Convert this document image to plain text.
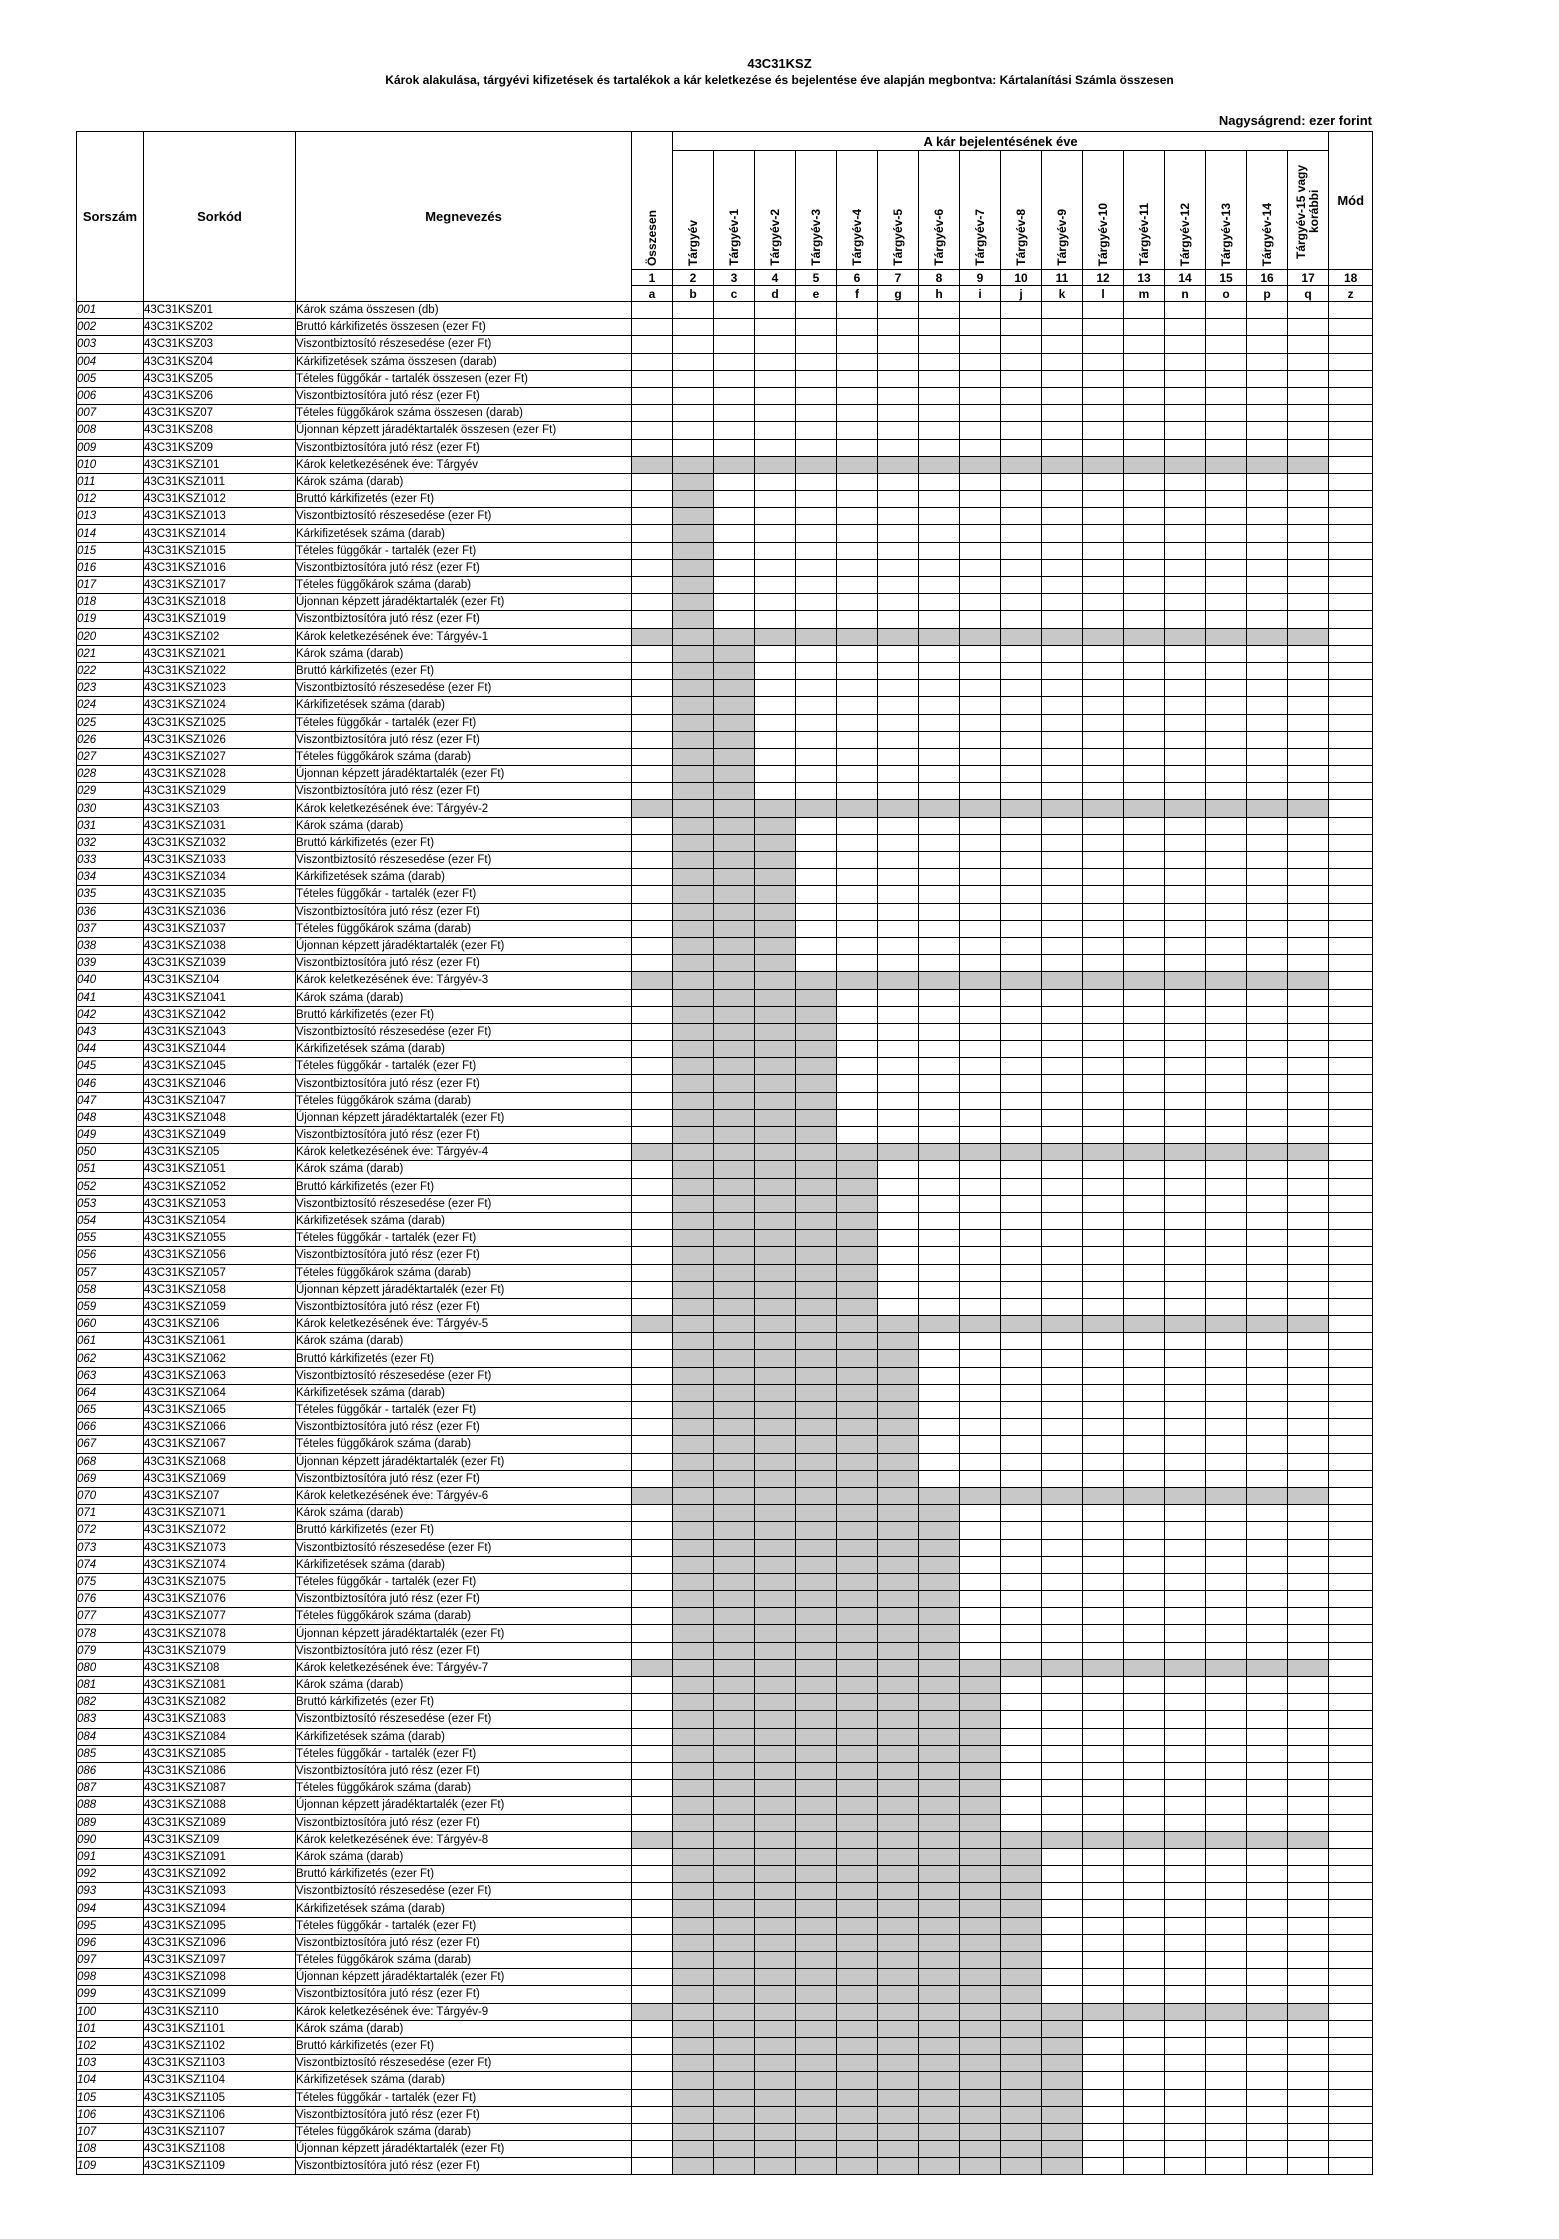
43C31KSZ
Károk alakulása, tárgyévi kifizetések és tartalékok a kár keletkezése és bejelentése éve alapján megbontva: Kártalanítási Számla összesen
Nagyságrend: ezer forint
Sorszám	Sorkód	Megnevezés	Összesen	A kár bejelentésének éve																Mód
				Tárgyév	Tárgyév-1	Tárgyév-2	Tárgyév-3	Tárgyév-4	Tárgyév-5	Tárgyév-6	Tárgyév-7	Tárgyév-8	Tárgyév-9	Tárgyév-10	Tárgyév-11	Tárgyév-12	Tárgyév-13	Tárgyév-14	Tárgyév-15 vagy korábbi	
			1	2	3	4	5	6	7	8	9	10	11	12	13	14	15	16	17	18
			a	b	c	d	e	f	g	h	i	j	k	l	m	n	o	p	q	z
001	43C31KSZ01	Károk száma összesen (db)																		
002	43C31KSZ02	Bruttó kárkifizetés összesen (ezer Ft)																		
003	43C31KSZ03	Viszontbiztosító részesedése (ezer Ft)																		
004	43C31KSZ04	Kárkifizetések száma összesen (darab)																		
005	43C31KSZ05	Tételes függőkár - tartalék összesen (ezer Ft)																		
006	43C31KSZ06	Viszontbiztosítóra jutó rész (ezer Ft)																		
007	43C31KSZ07	Tételes függőkárok száma összesen (darab)																		
008	43C31KSZ08	Újonnan képzett járadéktartalék összesen (ezer Ft)																		
009	43C31KSZ09	Viszontbiztosítóra jutó rész (ezer Ft)																		
010	43C31KSZ101	Károk keletkezésének éve: Tárgyév																		
011	43C31KSZ1011	Károk száma (darab)																		
012	43C31KSZ1012	Bruttó kárkifizetés (ezer Ft)																		
013	43C31KSZ1013	Viszontbiztosító részesedése (ezer Ft)																		
014	43C31KSZ1014	Kárkifizetések száma (darab)																		
015	43C31KSZ1015	Tételes függőkár - tartalék (ezer Ft)																		
016	43C31KSZ1016	Viszontbiztosítóra jutó rész (ezer Ft)																		
017	43C31KSZ1017	Tételes függőkárok száma (darab)																		
018	43C31KSZ1018	Újonnan képzett járadéktartalék (ezer Ft)																		
019	43C31KSZ1019	Viszontbiztosítóra jutó rész (ezer Ft)																		
020	43C31KSZ102	Károk keletkezésének éve: Tárgyév-1																		
021	43C31KSZ1021	Károk száma (darab)																		
022	43C31KSZ1022	Bruttó kárkifizetés (ezer Ft)																		
023	43C31KSZ1023	Viszontbiztosító részesedése (ezer Ft)																		
024	43C31KSZ1024	Kárkifizetések száma (darab)																		
025	43C31KSZ1025	Tételes függőkár - tartalék (ezer Ft)																		
026	43C31KSZ1026	Viszontbiztosítóra jutó rész (ezer Ft)																		
027	43C31KSZ1027	Tételes függőkárok száma (darab)																		
028	43C31KSZ1028	Újonnan képzett járadéktartalék (ezer Ft)																		
029	43C31KSZ1029	Viszontbiztosítóra jutó rész (ezer Ft)																		
030	43C31KSZ103	Károk keletkezésének éve: Tárgyév-2																		
031	43C31KSZ1031	Károk száma (darab)																		
032	43C31KSZ1032	Bruttó kárkifizetés (ezer Ft)																		
033	43C31KSZ1033	Viszontbiztosító részesedése (ezer Ft)																		
034	43C31KSZ1034	Kárkifizetések száma (darab)																		
035	43C31KSZ1035	Tételes függőkár - tartalék (ezer Ft)																		
036	43C31KSZ1036	Viszontbiztosítóra jutó rész (ezer Ft)																		
037	43C31KSZ1037	Tételes függőkárok száma (darab)																		
038	43C31KSZ1038	Újonnan képzett járadéktartalék (ezer Ft)																		
039	43C31KSZ1039	Viszontbiztosítóra jutó rész (ezer Ft)																		
040	43C31KSZ104	Károk keletkezésének éve: Tárgyév-3																		
041	43C31KSZ1041	Károk száma (darab)																		
042	43C31KSZ1042	Bruttó kárkifizetés (ezer Ft)																		
043	43C31KSZ1043	Viszontbiztosító részesedése (ezer Ft)																		
044	43C31KSZ1044	Kárkifizetések száma (darab)																		
045	43C31KSZ1045	Tételes függőkár - tartalék (ezer Ft)																		
046	43C31KSZ1046	Viszontbiztosítóra jutó rész (ezer Ft)																		
047	43C31KSZ1047	Tételes függőkárok száma (darab)																		
048	43C31KSZ1048	Újonnan képzett járadéktartalék (ezer Ft)																		
049	43C31KSZ1049	Viszontbiztosítóra jutó rész (ezer Ft)																		
050	43C31KSZ105	Károk keletkezésének éve: Tárgyév-4																		
051	43C31KSZ1051	Károk száma (darab)																		
052	43C31KSZ1052	Bruttó kárkifizetés (ezer Ft)																		
053	43C31KSZ1053	Viszontbiztosító részesedése (ezer Ft)																		
054	43C31KSZ1054	Kárkifizetések száma (darab)																		
055	43C31KSZ1055	Tételes függőkár - tartalék (ezer Ft)																		
056	43C31KSZ1056	Viszontbiztosítóra jutó rész (ezer Ft)																		
057	43C31KSZ1057	Tételes függőkárok száma (darab)																		
058	43C31KSZ1058	Újonnan képzett járadéktartalék (ezer Ft)																		
059	43C31KSZ1059	Viszontbiztosítóra jutó rész (ezer Ft)																		
060	43C31KSZ106	Károk keletkezésének éve: Tárgyév-5																		
061	43C31KSZ1061	Károk száma (darab)																		
062	43C31KSZ1062	Bruttó kárkifizetés (ezer Ft)																		
063	43C31KSZ1063	Viszontbiztosító részesedése (ezer Ft)																		
064	43C31KSZ1064	Kárkifizetések száma (darab)																		
065	43C31KSZ1065	Tételes függőkár - tartalék (ezer Ft)																		
066	43C31KSZ1066	Viszontbiztosítóra jutó rész (ezer Ft)																		
067	43C31KSZ1067	Tételes függőkárok száma (darab)																		
068	43C31KSZ1068	Újonnan képzett járadéktartalék (ezer Ft)																		
069	43C31KSZ1069	Viszontbiztosítóra jutó rész (ezer Ft)																		
070	43C31KSZ107	Károk keletkezésének éve: Tárgyév-6																		
071	43C31KSZ1071	Károk száma (darab)																		
072	43C31KSZ1072	Bruttó kárkifizetés (ezer Ft)																		
073	43C31KSZ1073	Viszontbiztosító részesedése (ezer Ft)																		
074	43C31KSZ1074	Kárkifizetések száma (darab)																		
075	43C31KSZ1075	Tételes függőkár - tartalék (ezer Ft)																		
076	43C31KSZ1076	Viszontbiztosítóra jutó rész (ezer Ft)																		
077	43C31KSZ1077	Tételes függőkárok száma (darab)																		
078	43C31KSZ1078	Újonnan képzett járadéktartalék (ezer Ft)																		
079	43C31KSZ1079	Viszontbiztosítóra jutó rész (ezer Ft)																		
080	43C31KSZ108	Károk keletkezésének éve: Tárgyév-7																		
081	43C31KSZ1081	Károk száma (darab)																		
082	43C31KSZ1082	Bruttó kárkifizetés (ezer Ft)																		
083	43C31KSZ1083	Viszontbiztosító részesedése (ezer Ft)																		
084	43C31KSZ1084	Kárkifizetések száma (darab)																		
085	43C31KSZ1085	Tételes függőkár - tartalék (ezer Ft)																		
086	43C31KSZ1086	Viszontbiztosítóra jutó rész (ezer Ft)																		
087	43C31KSZ1087	Tételes függőkárok száma (darab)																		
088	43C31KSZ1088	Újonnan képzett járadéktartalék (ezer Ft)																		
089	43C31KSZ1089	Viszontbiztosítóra jutó rész (ezer Ft)																		
090	43C31KSZ109	Károk keletkezésének éve: Tárgyév-8																		
091	43C31KSZ1091	Károk száma (darab)																		
092	43C31KSZ1092	Bruttó kárkifizetés (ezer Ft)																		
093	43C31KSZ1093	Viszontbiztosító részesedése (ezer Ft)																		
094	43C31KSZ1094	Kárkifizetések száma (darab)																		
095	43C31KSZ1095	Tételes függőkár - tartalék (ezer Ft)																		
096	43C31KSZ1096	Viszontbiztosítóra jutó rész (ezer Ft)																		
097	43C31KSZ1097	Tételes függőkárok száma (darab)																		
098	43C31KSZ1098	Újonnan képzett járadéktartalék (ezer Ft)																		
099	43C31KSZ1099	Viszontbiztosítóra jutó rész (ezer Ft)																		
100	43C31KSZ110	Károk keletkezésének éve: Tárgyév-9																		
101	43C31KSZ1101	Károk száma (darab)																		
102	43C31KSZ1102	Bruttó kárkifizetés (ezer Ft)																		
103	43C31KSZ1103	Viszontbiztosító részesedése (ezer Ft)																		
104	43C31KSZ1104	Kárkifizetések száma (darab)																		
105	43C31KSZ1105	Tételes függőkár - tartalék (ezer Ft)																		
106	43C31KSZ1106	Viszontbiztosítóra jutó rész (ezer Ft)																		
107	43C31KSZ1107	Tételes függőkárok száma (darab)																		
108	43C31KSZ1108	Újonnan képzett járadéktartalék (ezer Ft)																		
109	43C31KSZ1109	Viszontbiztosítóra jutó rész (ezer Ft)																		
